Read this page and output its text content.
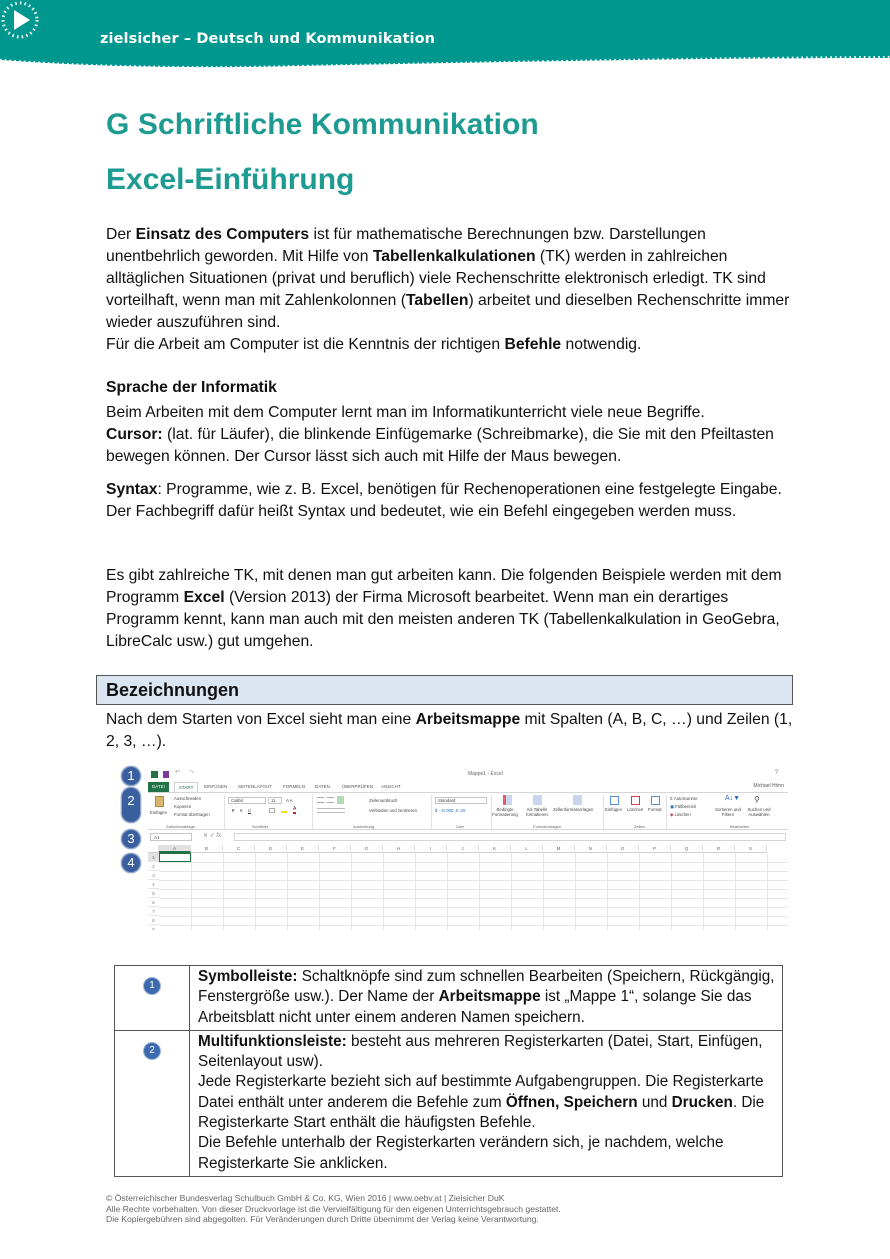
zielsicher – Deutsch und Kommunikation
G Schriftliche Kommunikation
Excel-Einführung
Der Einsatz des Computers ist für mathematische Berechnungen bzw. Darstellungen unentbehrlich geworden. Mit Hilfe von Tabellenkalkulationen (TK) werden in zahlreichen alltäglichen Situationen (privat und beruflich) viele Rechenschritte elektronisch erledigt. TK sind vorteilhaft, wenn man mit Zahlenkolonnen (Tabellen) arbeitet und dieselben Rechenschritte immer wieder auszuführen sind.
Für die Arbeit am Computer ist die Kenntnis der richtigen Befehle notwendig.
Sprache der Informatik
Beim Arbeiten mit dem Computer lernt man im Informatikunterricht viele neue Begriffe.
Cursor: (lat. für Läufer), die blinkende Einfügemarke (Schreibmarke), die Sie mit den Pfeiltasten bewegen können. Der Cursor lässt sich auch mit Hilfe der Maus bewegen.
Syntax: Programme, wie z. B. Excel, benötigen für Rechenoperationen eine festgelegte Eingabe. Der Fachbegriff dafür heißt Syntax und bedeutet, wie ein Befehl eingegeben werden muss.
Es gibt zahlreiche TK, mit denen man gut arbeiten kann. Die folgenden Beispiele werden mit dem Programm Excel (Version 2013) der Firma Microsoft bearbeitet. Wenn man ein derartiges Programm kennt, kann man auch mit den meisten anderen TK (Tabellenkalkulation in GeoGebra, LibreCalc usw.) gut umgehen.
Bezeichnungen
Nach dem Starten von Excel sieht man eine Arbeitsmappe mit Spalten (A, B, C, …) und Zeilen (1, 2, 3, …).
↶	↷	Mappe1 - Excel	?
Michael Hönn
DATEI	START	EINFÜGEN	SEITENLAYOUT	FORMELN	DATEN	ÜBERPRÜFEN	ANSICHT
Einfügen
Ausschneiden
Kopieren
Format übertragen
Zwischenablage
Calibri	11	A A
F K U	A
Schriftart
Zeilenumbruch
Verbinden und zentrieren
Ausrichtung
Standard
$ · % 000 ,0 ,00
Zahl
Bedingte Formatierung
Als Tabelle formatieren
Zellenformatvorlagen
Formatvorlagen
Einfügen Löschen Format
Zellen
Σ AutoSumme
▣ Füllbereich
◆ Löschen
A↓▼
Sortieren und Filtern
⚲
Suchen und Auswählen
Bearbeiten
A1	✕ ✓ fx
A	B	C	D	E	F	G	H	I	J	K	L	M	N	O	P	Q	R	S
1
2
3
4
5
6
7
8
9
1
2
3
4
1	Symbolleiste: Schaltknöpfe sind zum schnellen Bearbeiten (Speichern, Rückgängig, Fenstergröße usw.). Der Name der Arbeitsmappe ist „Mappe 1“, solange Sie das Arbeitsblatt nicht unter einem anderen Namen speichern.
2	Multifunktionsleiste: besteht aus mehreren Registerkarten (Datei, Start, Einfügen, Seitenlayout usw).
Jede Registerkarte bezieht sich auf bestimmte Aufgabengruppen. Die Registerkarte Datei enthält unter anderem die Befehle zum Öffnen, Speichern und Drucken. Die Registerkarte Start enthält die häufigsten Befehle.
Die Befehle unterhalb der Registerkarten verändern sich, je nachdem, welche Registerkarte Sie anklicken.
© Österreichischer Bundesverlag Schulbuch GmbH & Co. KG, Wien 2016 | www.oebv.at | Zielsicher DuK
Alle Rechte vorbehalten. Von dieser Druckvorlage ist die Vervielfältigung für den eigenen Unterrichtsgebrauch gestattet.
Die Kopiergebühren sind abgegolten. Für Veränderungen durch Dritte übernimmt der Verlag keine Verantwortung.
